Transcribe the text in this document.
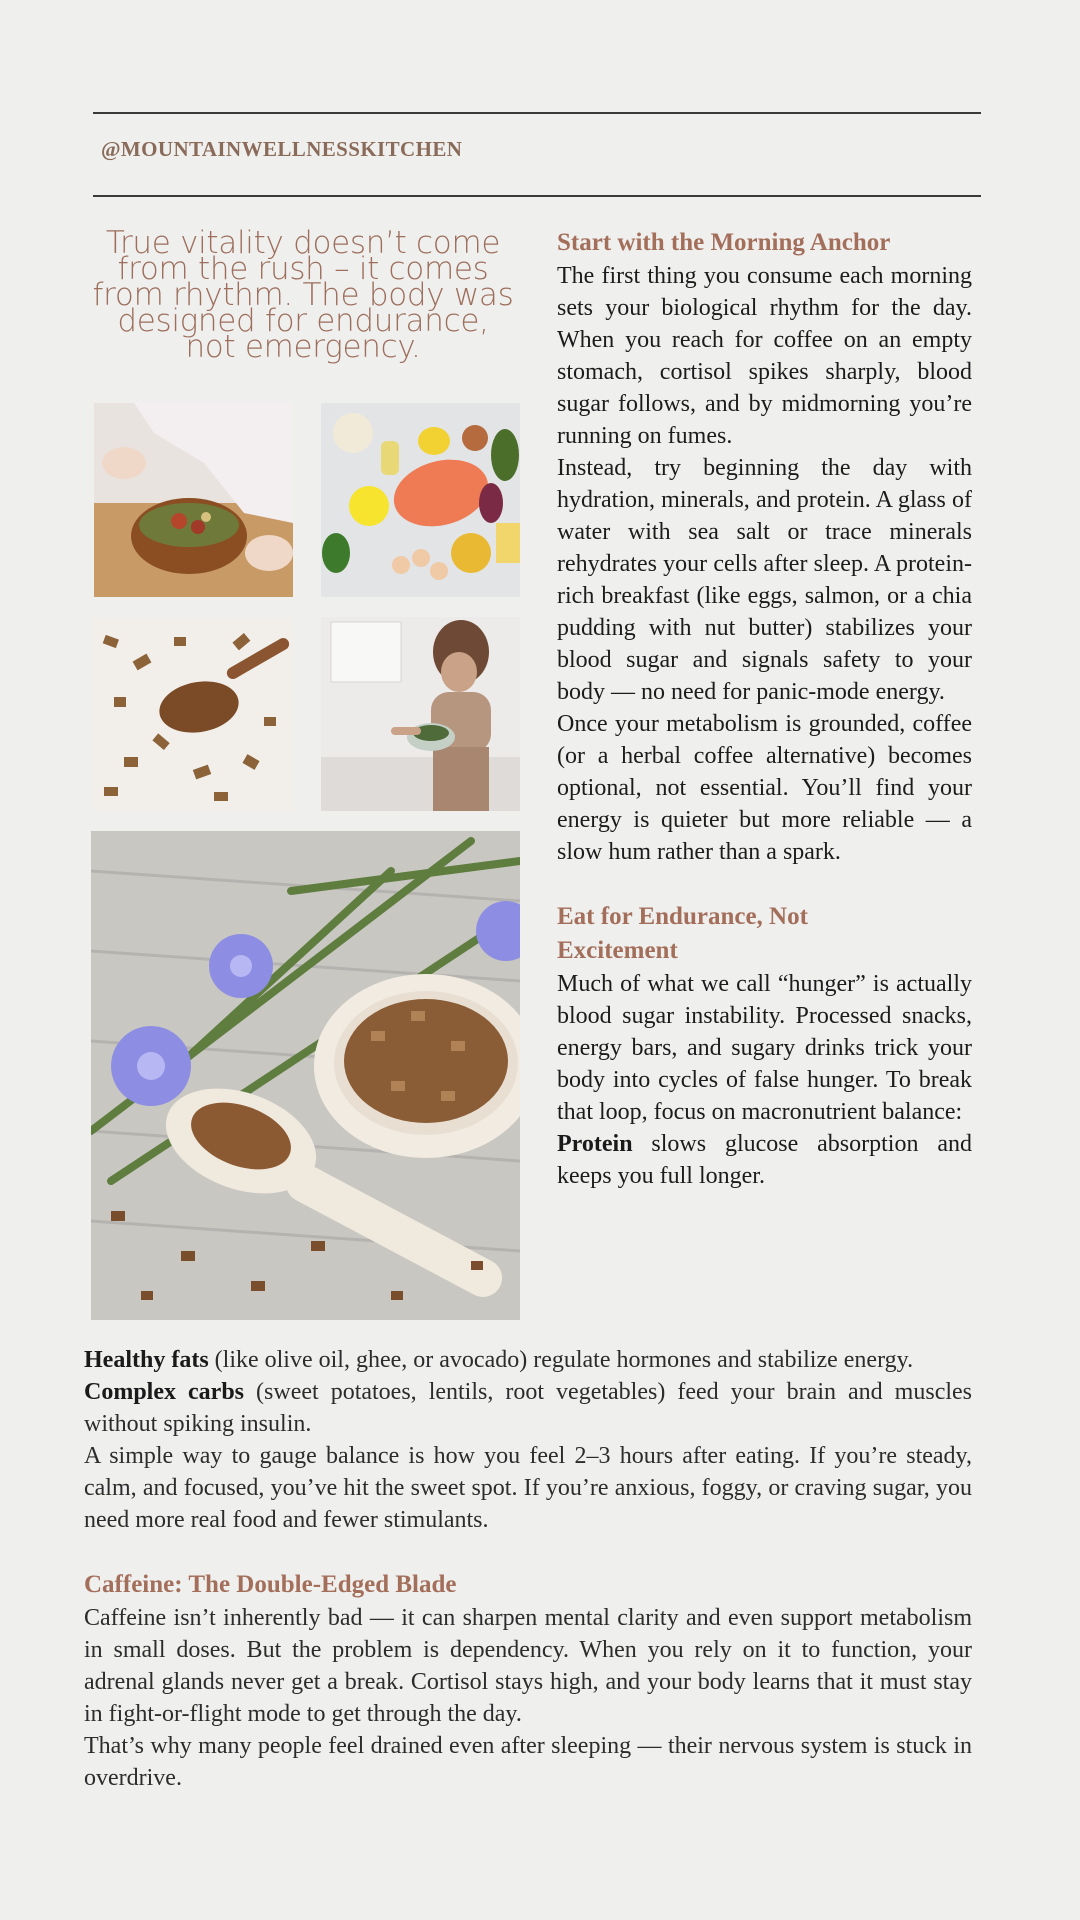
@MOUNTAINWELLNESSKITCHEN
True vitality doesn’t come from the rush – it comes from rhythm. The body was designed for endurance, not emergency.
Start with the Morning Anchor

The first thing you consume each morning sets your biological rhythm for the day. When you reach for coffee on an empty stomach, cortisol spikes sharply, blood sugar follows, and by midmorning you’re running on fumes.

Instead, try beginning the day with hydration, minerals, and protein. A glass of water with sea salt or trace minerals rehydrates your cells after sleep. A protein-rich breakfast (like eggs, salmon, or a chia pudding with nut butter) stabilizes your blood sugar and signals safety to your body — no need for panic-mode energy.

Once your metabolism is grounded, coffee (or a herbal coffee alternative) becomes optional, not essential. You’ll find your energy is quieter but more reliable — a slow hum rather than a spark.

Eat for Endurance, Not Excitement

Much of what we call “hunger” is actually blood sugar instability. Processed snacks, energy bars, and sugary drinks trick your body into cycles of false hunger. To break that loop, focus on macronutrient balance:

Protein slows glucose absorption and keeps you full longer.

Healthy fats (like olive oil, ghee, or avocado) regulate hormones and stabilize energy.

Complex carbs (sweet potatoes, lentils, root vegetables) feed your brain and muscles without spiking insulin.

A simple way to gauge balance is how you feel 2–3 hours after eating. If you’re steady, calm, and focused, you’ve hit the sweet spot. If you’re anxious, foggy, or craving sugar, you need more real food and fewer stimulants.

Caffeine: The Double-Edged Blade

Caffeine isn’t inherently bad — it can sharpen mental clarity and even support metabolism in small doses. But the problem is dependency. When you rely on it to function, your adrenal glands never get a break. Cortisol stays high, and your body learns that it must stay in fight-or-flight mode to get through the day.

That’s why many people feel drained even after sleeping — their nervous system is stuck in overdrive.
